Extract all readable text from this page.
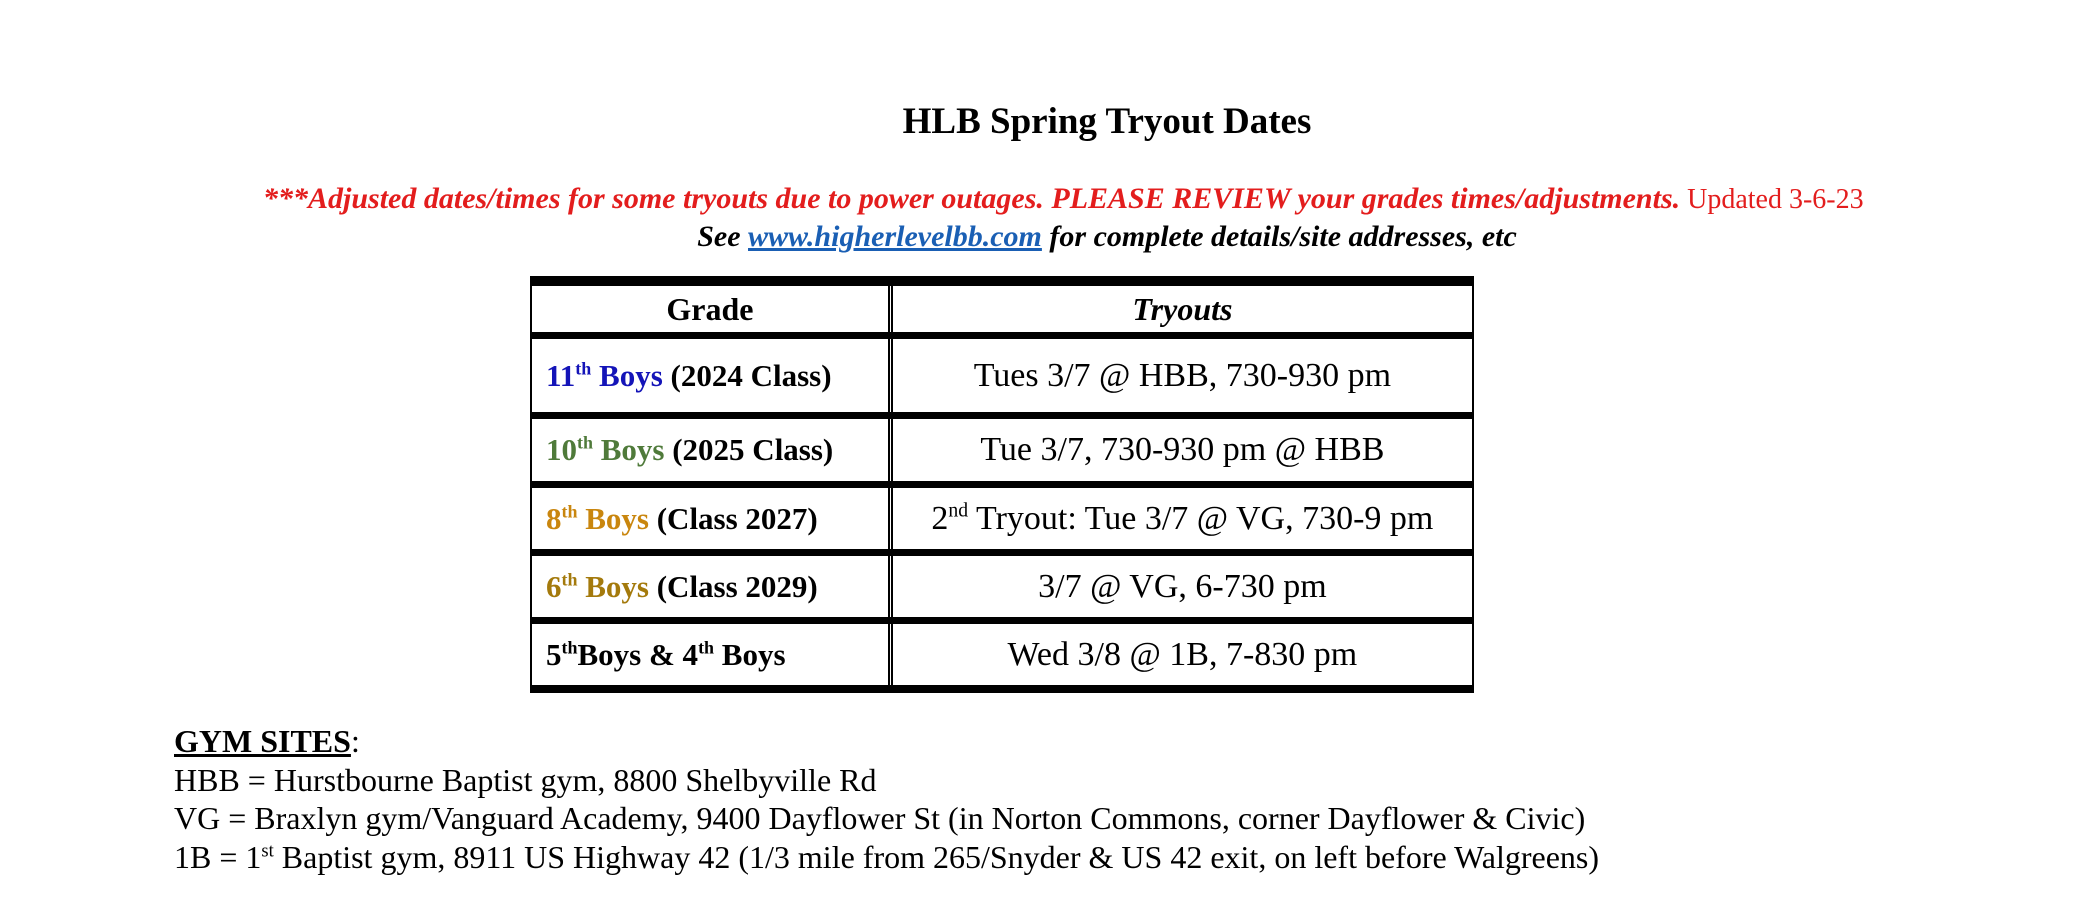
HLB Spring Tryout Dates
***Adjusted dates/times for some tryouts due to power outages. PLEASE REVIEW your grades times/adjustments. Updated 3-6-23
See www.higherlevelbb.com for complete details/site addresses, etc
Grade	Tryouts
11th Boys (2024 Class)	Tues 3/7 @ HBB, 730-930 pm
10th Boys (2025 Class)	Tue 3/7, 730-930 pm @ HBB
8th Boys (Class 2027)	2nd Tryout: Tue 3/7 @ VG, 730-9 pm
6th Boys (Class 2029)	3/7 @ VG, 6-730 pm
5thBoys & 4th Boys	Wed 3/8 @ 1B, 7-830 pm
GYM SITES:
HBB = Hurstbourne Baptist gym, 8800 Shelbyville Rd
VG = Braxlyn gym/Vanguard Academy, 9400 Dayflower St (in Norton Commons, corner Dayflower & Civic)
1B = 1st Baptist gym, 8911 US Highway 42 (1/3 mile from 265/Snyder & US 42 exit, on left before Walgreens)
